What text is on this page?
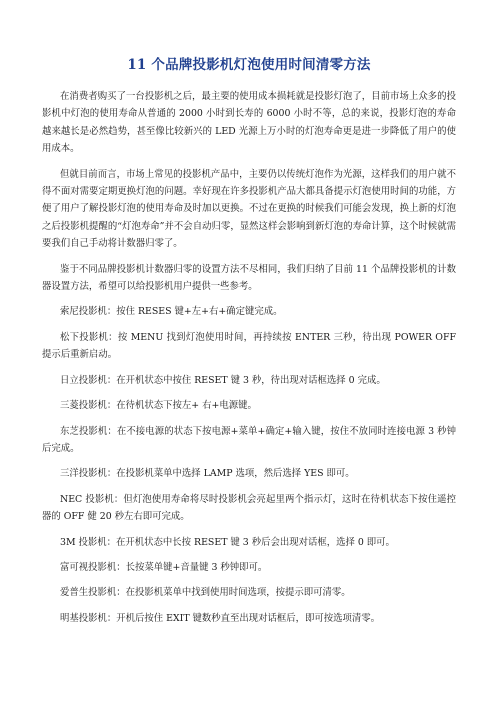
11 个品牌投影机灯泡使用时间清零方法

在消费者购买了一台投影机之后，最主要的使用成本损耗就是投影灯泡了，目前市场上众多的投影机中灯泡的使用寿命从普通的 2000 小时到长寿的 6000 小时不等，总的来说，投影灯泡的寿命越来越长是必然趋势，甚至像比较新兴的 LED 光源上万小时的灯泡寿命更是进一步降低了用户的使用成本。

但就目前而言，市场上常见的投影机产品中，主要仍以传统灯泡作为光源，这样我们的用户就不得不面对需要定期更换灯泡的问题。幸好现在许多投影机产品大都具备提示灯泡使用时间的功能，方便了用户了解投影灯泡的使用寿命及时加以更换。不过在更换的时候我们可能会发现，换上新的灯泡之后投影机提醒的“灯泡寿命”并不会自动归零，显然这样会影响到新灯泡的寿命计算，这个时候就需要我们自己手动将计数器归零了。

鉴于不同品牌投影机计数器归零的设置方法不尽相同，我们归纳了目前 11 个品牌投影机的计数器设置方法，希望可以给投影机用户提供一些参考。

索尼投影机：按住 RESES 键+左+右+确定键完成。

松下投影机：按 MENU 找到灯泡使用时间，再持续按 ENTER 三秒，待出现 POWER OFF 提示后重新启动。

日立投影机：在开机状态中按住 RESET 键 3 秒，待出现对话框选择 0 完成。

三菱投影机：在待机状态下按左+ 右+电源键。

东芝投影机：在不接电源的状态下按电源+菜单+确定+输入键，按住不放同时连接电源 3 秒钟后完成。

三洋投影机：在投影机菜单中选择 LAMP 选项，然后选择 YES 即可。

NEC 投影机：但灯泡使用寿命将尽时投影机会亮起里两个指示灯，这时在待机状态下按住遥控器的 OFF 健 20 秒左右即可完成。

3M 投影机：在开机状态中长按 RESET 键 3 秒后会出现对话框，选择 0 即可。

富可视投影机：长按菜单键+音量键 3 秒钟即可。

爱普生投影机：在投影机菜单中找到使用时间选项，按提示即可清零。

明基投影机：开机后按住 EXIT 键数秒直至出现对话框后，即可按选项清零。
